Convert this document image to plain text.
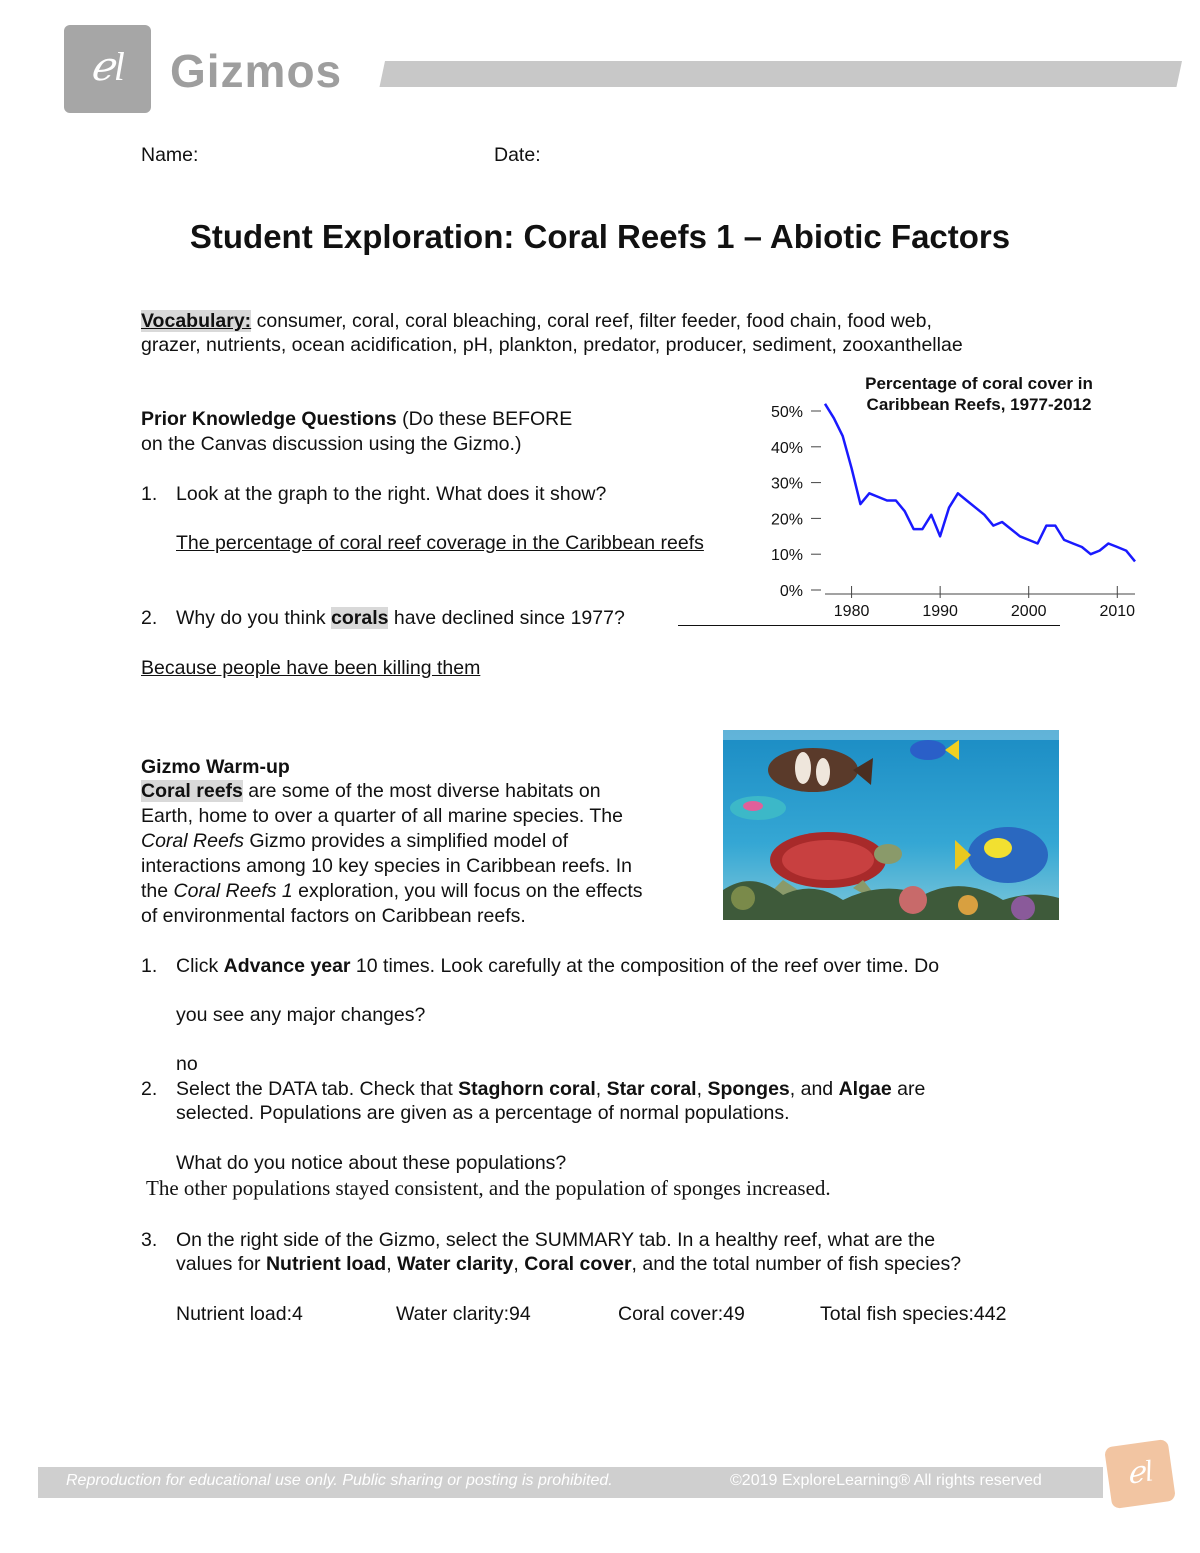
ℯl Gizmos
Name:	Date:
Student Exploration: Coral Reefs 1 – Abiotic Factors
Vocabulary: consumer, coral, coral bleaching, coral reef, filter feeder, food chain, food web,
grazer, nutrients, ocean acidification, pH, plankton, predator, producer, sediment, zooxanthellae
Prior Knowledge Questions (Do these BEFORE
on the Canvas discussion using the Gizmo.)
1. Look at the graph to the right. What does it show?
The percentage of coral reef coverage in the Caribbean reefs
2. Why do you think corals have declined since 1977?
Because people have been killing them
Percentage of coral cover in
Caribbean Reefs, 1977-2012
0%
10%
20%
30%
40%
50%
1980	1990	2000	2010
Gizmo Warm-up
Coral reefs are some of the most diverse habitats on
Earth, home to over a quarter of all marine species. The
Coral Reefs Gizmo provides a simplified model of
interactions among 10 key species in Caribbean reefs. In
the Coral Reefs 1 exploration, you will focus on the effects
of environmental factors on Caribbean reefs.
1. Click Advance year 10 times. Look carefully at the composition of the reef over time. Do
you see any major changes?
no
2. Select the DATA tab. Check that Staghorn coral, Star coral, Sponges, and Algae are
selected. Populations are given as a percentage of normal populations.
What do you notice about these populations?
The other populations stayed consistent, and the population of sponges increased.
3. On the right side of the Gizmo, select the SUMMARY tab. In a healthy reef, what are the
values for Nutrient load, Water clarity, Coral cover, and the total number of fish species?
Nutrient load:4	Water clarity:94	Coral cover:49	Total fish species:442
Reproduction for educational use only. Public sharing or posting is prohibited.	©2019 ExploreLearning® All rights reserved	ℯl
